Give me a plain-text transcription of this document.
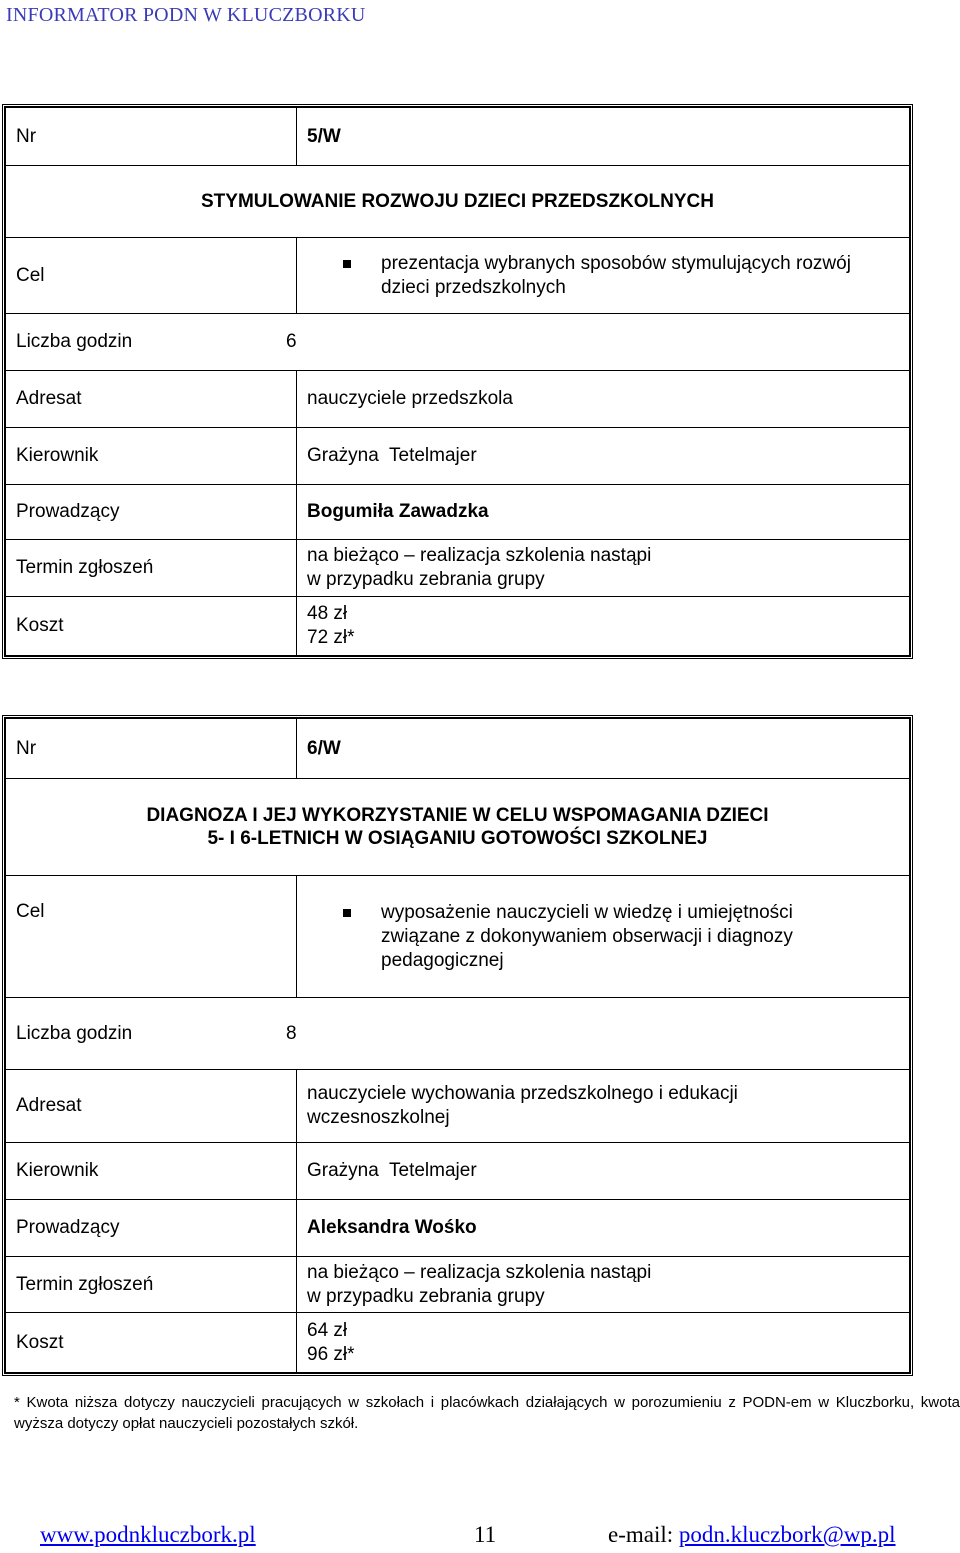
INFORMATOR PODN W KLUCZBORKU
Nr	5/W
STYMULOWANIE ROZWOJU DZIECI PRZEDSZKOLNYCH	
Cel	prezentacja wybranych sposobów stymulujących rozwój
dzieci przedszkolnych

Liczba godzin 6	
Adresat	nauczyciele przedszkola
Kierownik	Grażyna  Tetelmajer
Prowadzący	Bogumiła Zawadzka
Termin zgłoszeń	na bieżąco – realizacja szkolenia nastąpi
w przypadku zebrania grupy

Koszt	48 zł
72 zł*
Nr	6/W

DIAGNOZA I JEJ WYKORZYSTANIE W CELU WSPOMAGANIA DZIECI
5- I 6-LETNICH W OSIĄGANIU GOTOWOŚCI SZKOLNEJ	

Cel	wyposażenie nauczycieli w wiedzę i umiejętności
związane z dokonywaniem obserwacji i diagnozy
pedagogicznej

Liczba godzin 8	
Adresat	nauczyciele wychowania przedszkolnego i edukacji
wczesnoszkolnej

Kierownik	Grażyna  Tetelmajer
Prowadzący	Aleksandra Wośko
Termin zgłoszeń	na bieżąco – realizacja szkolenia nastąpi
w przypadku zebrania grupy

Koszt	64 zł
96 zł*
* Kwota niższa dotyczy nauczycieli pracujących w szkołach i placówkach działających w porozumieniu z PODN-em w Kluczborku, kwota wyższa dotyczy opłat nauczycieli pozostałych szkół.
www.podnkluczbork.pl	11	e-mail: podn.kluczbork@wp.pl
